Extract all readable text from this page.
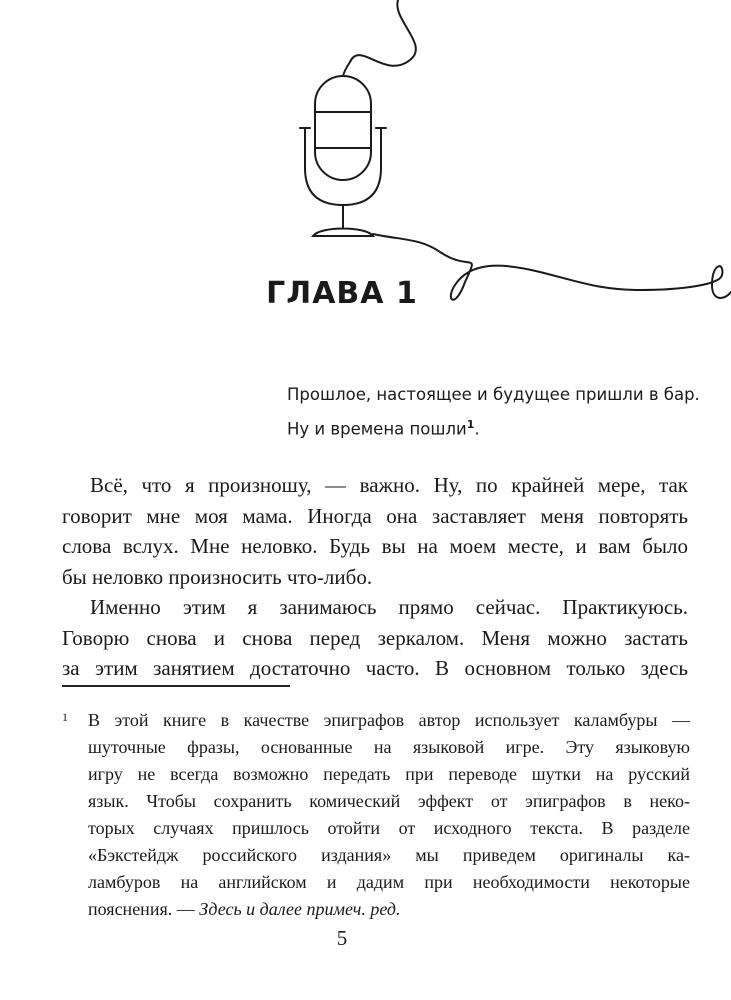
ГЛАВА 1
Прошлое, настоящее и будущее пришли в бар.
Ну и времена пошли$^1$.
Всё, что я произношу, — важно. Ну, по крайней мере, так
говорит мне моя мама. Иногда она заставляет меня повторять
слова вслух. Мне неловко. Будь вы на моем месте, и вам было
бы неловко произносить что-либо.
Именно этим я занимаюсь прямо сейчас. Практикуюсь.
Говорю снова и снова перед зеркалом. Меня можно застать
за этим занятием достаточно часто. В основном только здесь
1 В этой книге в качестве эпиграфов автор использует каламбуры —
шуточные фразы, основанные на языковой игре. Эту языковую
игру не всегда возможно передать при переводе шутки на русский
язык. Чтобы сохранить комический эффект от эпиграфов в неко-
торых случаях пришлось отойти от исходного текста. В разделе
«Бэкстейдж российского издания» мы приведем оригиналы ка-
ламбуров на английском и дадим при необходимости некоторые
пояснения. — Здесь и далее примеч. ред.
5
